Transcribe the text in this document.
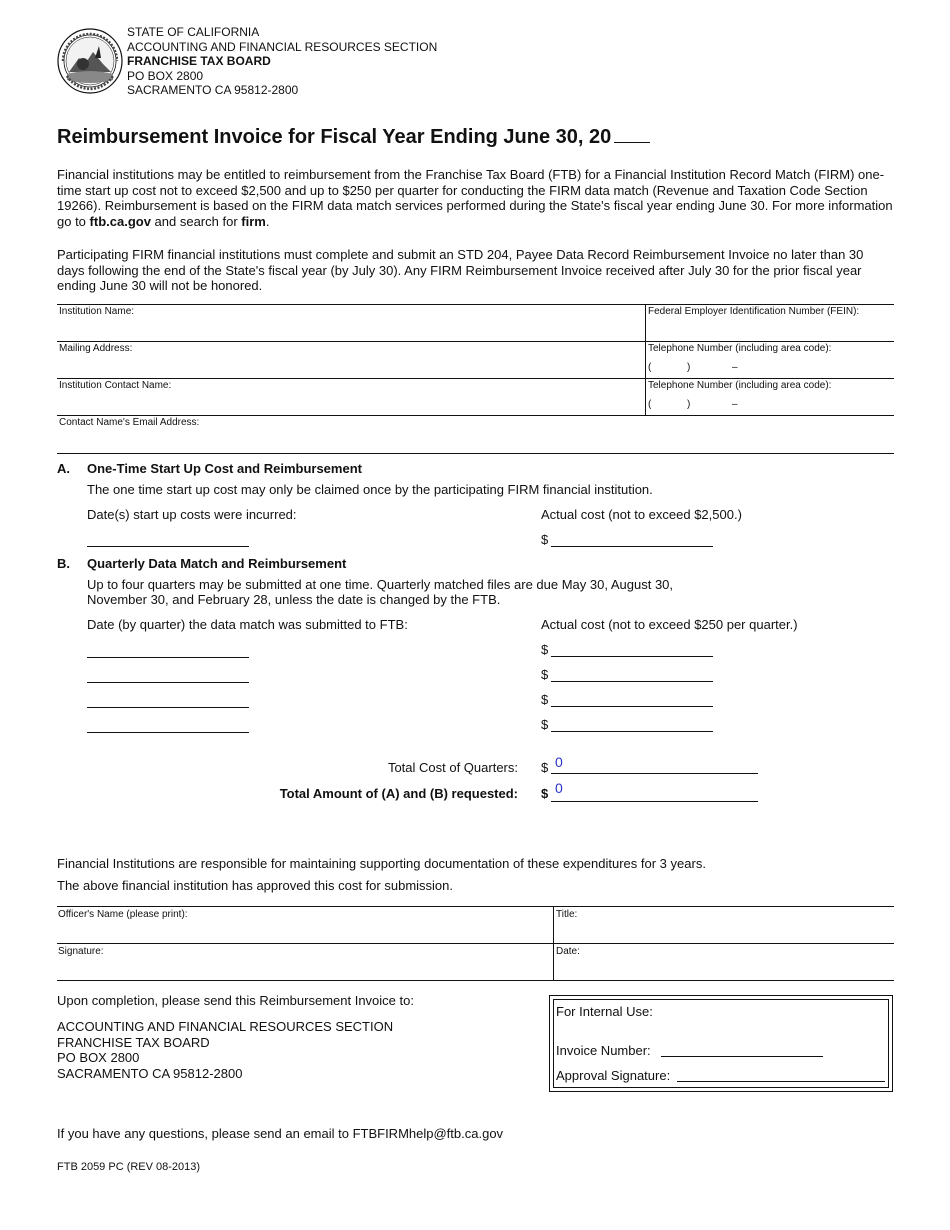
STATE OF CALIFORNIA
ACCOUNTING AND FINANCIAL RESOURCES SECTION
FRANCHISE TAX BOARD
PO BOX 2800
SACRAMENTO CA 95812-2800
Reimbursement Invoice for Fiscal Year Ending June 30, 20
Financial institutions may be entitled to reimbursement from the Franchise Tax Board (FTB) for a Financial Institution Record Match (FIRM) one-time start up cost not to exceed $2,500 and up to $250 per quarter for conducting the FIRM data match (Revenue and Taxation Code Section 19266). Reimbursement is based on the FIRM data match services performed during the State's fiscal year ending June 30. For more information go to ftb.ca.gov and search for firm.
Participating FIRM financial institutions must complete and submit an STD 204, Payee Data Record Reimbursement Invoice no later than 30 days following the end of the State's fiscal year (by July 30). Any FIRM Reimbursement Invoice received after July 30 for the prior fiscal year ending June 30 will not be honored.
Institution Name:	Federal Employer Identification Number (FEIN):
Mailing Address:	Telephone Number (including area code):
(	)	–
Institution Contact Name:	Telephone Number (including area code):
(	)	–
Contact Name's Email Address:
A. One-Time Start Up Cost and Reimbursement
The one time start up cost may only be claimed once by the participating FIRM financial institution.
Date(s) start up costs were incurred:	Actual cost (not to exceed $2,500.)
$
B. Quarterly Data Match and Reimbursement
Up to four quarters may be submitted at one time. Quarterly matched files are due May 30, August 30,
November 30, and February 28, unless the date is changed by the FTB.
Date (by quarter) the data match was submitted to FTB:	Actual cost (not to exceed $250 per quarter.)
$
$
$
$
Total Cost of Quarters: $ 0
Total Amount of (A) and (B) requested: $ 0
Financial Institutions are responsible for maintaining supporting documentation of these expenditures for 3 years.
The above financial institution has approved this cost for submission.
Officer's Name (please print):	Title:
Signature:	Date:
Upon completion, please send this Reimbursement Invoice to:
ACCOUNTING AND FINANCIAL RESOURCES SECTION
FRANCHISE TAX BOARD
PO BOX 2800
SACRAMENTO CA 95812-2800
For Internal Use:
Invoice Number:
Approval Signature:
If you have any questions, please send an email to FTBFIRMhelp@ftb.ca.gov
FTB 2059 PC (REV 08-2013)
